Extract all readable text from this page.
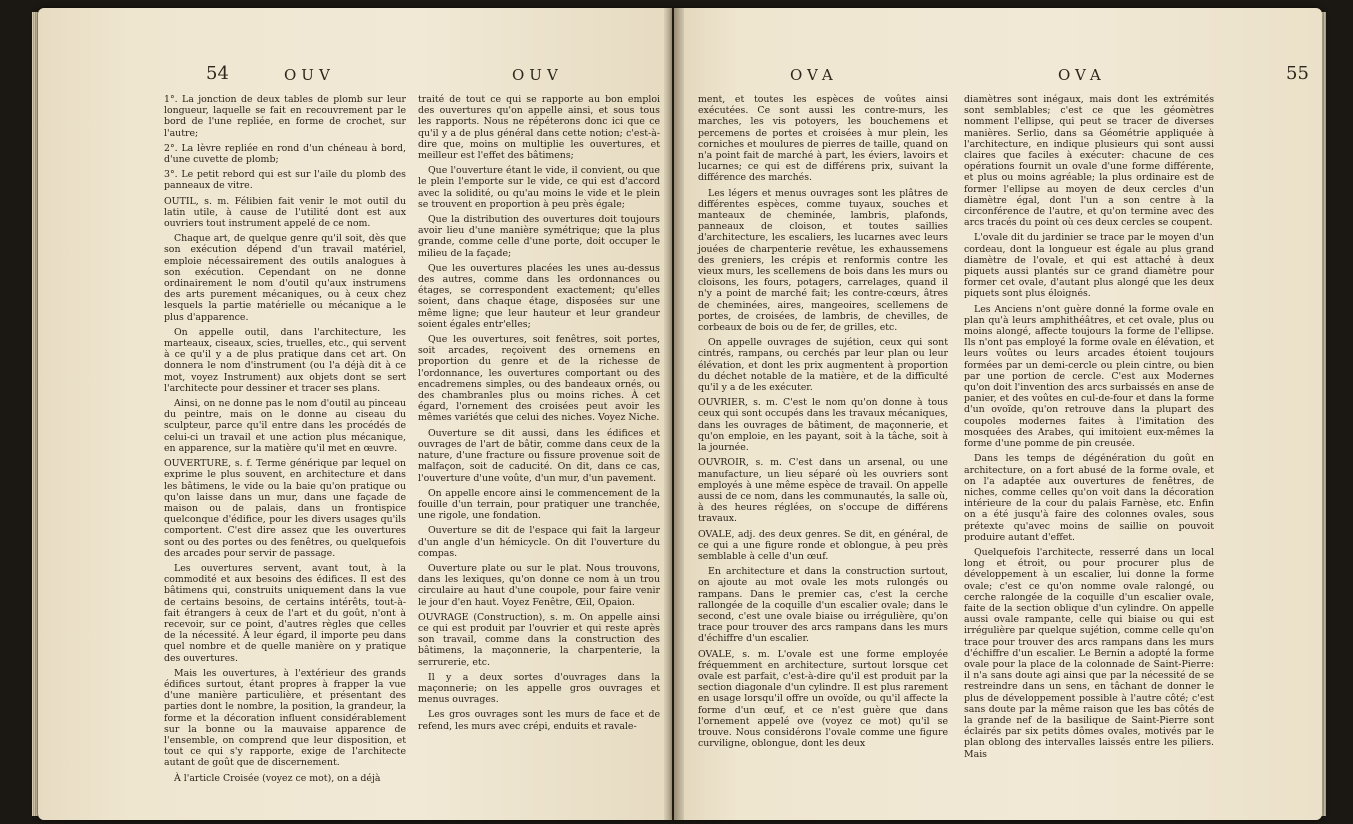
54	OUV	OUV

1°. La jonction de deux tables de plomb sur leur longueur, laquelle se fait en recouvrement par le bord de l'une repliée, en forme de crochet, sur l'autre;

2°. La lèvre repliée en rond d'un chéneau à bord, d'une cuvette de plomb;

3°. Le petit rebord qui est sur l'aile du plomb des panneaux de vitre.

OUTIL, s. m. Félibien fait venir le mot outil du latin utile, à cause de l'utilité dont est aux ouvriers tout instrument appelé de ce nom.

Chaque art, de quelque genre qu'il soit, dès que son exécution dépend d'un travail matériel, emploie nécessairement des outils analogues à son exécution. Cependant on ne donne ordinairement le nom d'outil qu'aux instrumens des arts purement mécaniques, ou à ceux chez lesquels la partie matérielle ou mécanique a le plus d'apparence.

On appelle outil, dans l'architecture, les marteaux, ciseaux, scies, truelles, etc., qui servent à ce qu'il y a de plus pratique dans cet art. On donnera le nom d'instrument (ou l'a déjà dit à ce mot, voyez Instrument) aux objets dont se sert l'architecte pour dessiner et tracer ses plans.

Ainsi, on ne donne pas le nom d'outil au pinceau du peintre, mais on le donne au ciseau du sculpteur, parce qu'il entre dans les procédés de celui-ci un travail et une action plus mécanique, en apparence, sur la matière qu'il met en œuvre.

OUVERTURE, s. f. Terme générique par lequel on exprime le plus souvent, en architecture et dans les bâtimens, le vide ou la baie qu'on pratique ou qu'on laisse dans un mur, dans une façade de maison ou de palais, dans un frontispice quelconque d'édifice, pour les divers usages qu'ils comportent. C'est dire assez que les ouvertures sont ou des portes ou des fenêtres, ou quelquefois des arcades pour servir de passage.

Les ouvertures servent, avant tout, à la commodité et aux besoins des édifices. Il est des bâtimens qui, construits uniquement dans la vue de certains besoins, de certains intérêts, tout-à-fait étrangers à ceux de l'art et du goût, n'ont à recevoir, sur ce point, d'autres règles que celles de la nécessité. À leur égard, il importe peu dans quel nombre et de quelle manière on y pratique des ouvertures.

Mais les ouvertures, à l'extérieur des grands édifices surtout, étant propres à frapper la vue d'une manière particulière, et présentant des parties dont le nombre, la position, la grandeur, la forme et la décoration influent considérablement sur la bonne ou la mauvaise apparence de l'ensemble, on comprend que leur disposition, et tout ce qui s'y rapporte, exige de l'architecte autant de goût que de discernement.

À l'article Croisée (voyez ce mot), on a déjà

traité de tout ce qui se rapporte au bon emploi des ouvertures qu'on appelle ainsi, et sous tous les rapports. Nous ne répéterons donc ici que ce qu'il y a de plus général dans cette notion; c'est-à-dire que, moins on multiplie les ouvertures, et meilleur est l'effet des bâtimens;

Que l'ouverture étant le vide, il convient, ou que le plein l'emporte sur le vide, ce qui est d'accord avec la solidité, ou qu'au moins le vide et le plein se trouvent en proportion à peu près égale;

Que la distribution des ouvertures doit toujours avoir lieu d'une manière symétrique; que la plus grande, comme celle d'une porte, doit occuper le milieu de la façade;

Que les ouvertures placées les unes au-dessus des autres, comme dans les ordonnances ou étages, se correspondent exactement; qu'elles soient, dans chaque étage, disposées sur une même ligne; que leur hauteur et leur grandeur soient égales entr'elles;

Que les ouvertures, soit fenêtres, soit portes, soit arcades, reçoivent des ornemens en proportion du genre et de la richesse de l'ordonnance, les ouvertures comportant ou des encadremens simples, ou des bandeaux ornés, ou des chambranles plus ou moins riches. À cet égard, l'ornement des croisées peut avoir les mêmes variétés que celui des niches. Voyez Niche.

Ouverture se dit aussi, dans les édifices et ouvrages de l'art de bâtir, comme dans ceux de la nature, d'une fracture ou fissure provenue soit de malfaçon, soit de caducité. On dit, dans ce cas, l'ouverture d'une voûte, d'un mur, d'un pavement.

On appelle encore ainsi le commencement de la fouille d'un terrain, pour pratiquer une tranchée, une rigole, une fondation.

Ouverture se dit de l'espace qui fait la largeur d'un angle d'un hémicycle. On dit l'ouverture du compas.

Ouverture plate ou sur le plat. Nous trouvons, dans les lexiques, qu'on donne ce nom à un trou circulaire au haut d'une coupole, pour faire venir le jour d'en haut. Voyez Fenêtre, Œil, Opaion.

OUVRAGE (Construction), s. m. On appelle ainsi ce qui est produit par l'ouvrier et qui reste après son travail, comme dans la construction des bâtimens, la maçonnerie, la charpenterie, la serrurerie, etc.

Il y a deux sortes d'ouvrages dans la maçonnerie; on les appelle gros ouvrages et menus ouvrages.

Les gros ouvrages sont les murs de face et de refend, les murs avec crépi, enduits et ravale-

OVA	OVA	55

ment, et toutes les espèces de voûtes ainsi exécutées. Ce sont aussi les contre-murs, les marches, les vis potoyers, les bouchemens et percemens de portes et croisées à mur plein, les corniches et moulures de pierres de taille, quand on n'a point fait de marché à part, les éviers, lavoirs et lucarnes; ce qui est de différens prix, suivant la différence des marchés.

Les légers et menus ouvrages sont les plâtres de différentes espèces, comme tuyaux, souches et manteaux de cheminée, lambris, plafonds, panneaux de cloison, et toutes saillies d'architecture, les escaliers, les lucarnes avec leurs jouées de charpenterie revêtue, les exhaussemens des greniers, les crépis et renformis contre les vieux murs, les scellemens de bois dans les murs ou cloisons, les fours, potagers, carrelages, quand il n'y a point de marché fait; les contre-cœurs, âtres de cheminées, aires, mangeoires, scellemens de portes, de croisées, de lambris, de chevilles, de corbeaux de bois ou de fer, de grilles, etc.

On appelle ouvrages de sujétion, ceux qui sont cintrés, rampans, ou cerchés par leur plan ou leur élévation, et dont les prix augmentent à proportion du déchet notable de la matière, et de la difficulté qu'il y a de les exécuter.

OUVRIER, s. m. C'est le nom qu'on donne à tous ceux qui sont occupés dans les travaux mécaniques, dans les ouvrages de bâtiment, de maçonnerie, et qu'on emploie, en les payant, soit à la tâche, soit à la journée.

OUVROIR, s. m. C'est dans un arsenal, ou une manufacture, un lieu séparé où les ouvriers sont employés à une même espèce de travail. On appelle aussi de ce nom, dans les communautés, la salle où, à des heures réglées, on s'occupe de différens travaux.

OVALE, adj. des deux genres. Se dit, en général, de ce qui a une figure ronde et oblongue, à peu près semblable à celle d'un œuf.

En architecture et dans la construction surtout, on ajoute au mot ovale les mots rulongés ou rampans. Dans le premier cas, c'est la cerche rallongée de la coquille d'un escalier ovale; dans le second, c'est une ovale biaise ou irrégulière, qu'on trace pour trouver des arcs rampans dans les murs d'échiffre d'un escalier.

OVALE, s. m. L'ovale est une forme employée fréquemment en architecture, surtout lorsque cet ovale est parfait, c'est-à-dire qu'il est produit par la section diagonale d'un cylindre. Il est plus rarement en usage lorsqu'il offre un ovoïde, ou qu'il affecte la forme d'un œuf, et ce n'est guère que dans l'ornement appelé ove (voyez ce mot) qu'il se trouve. Nous considérons l'ovale comme une figure curviligne, oblongue, dont les deux

diamètres sont inégaux, mais dont les extrémités sont semblables; c'est ce que les géomètres nomment l'ellipse, qui peut se tracer de diverses manières. Serlio, dans sa Géométrie appliquée à l'architecture, en indique plusieurs qui sont aussi claires que faciles à exécuter: chacune de ces opérations fournit un ovale d'une forme différente, et plus ou moins agréable; la plus ordinaire est de former l'ellipse au moyen de deux cercles d'un diamètre égal, dont l'un a son centre à la circonférence de l'autre, et qu'on termine avec des arcs tracés du point où ces deux cercles se coupent.

L'ovale dit du jardinier se trace par le moyen d'un cordeau, dont la longueur est égale au plus grand diamètre de l'ovale, et qui est attaché à deux piquets aussi plantés sur ce grand diamètre pour former cet ovale, d'autant plus alongé que les deux piquets sont plus éloignés.

Les Anciens n'ont guère donné la forme ovale en plan qu'à leurs amphithéâtres, et cet ovale, plus ou moins alongé, affecte toujours la forme de l'ellipse. Ils n'ont pas employé la forme ovale en élévation, et leurs voûtes ou leurs arcades étoient toujours formées par un demi-cercle ou plein cintre, ou bien par une portion de cercle. C'est aux Modernes qu'on doit l'invention des arcs surbaissés en anse de panier, et des voûtes en cul-de-four et dans la forme d'un ovoïde, qu'on retrouve dans la plupart des coupoles modernes faites à l'imitation des mosquées des Arabes, qui imitoient eux-mêmes la forme d'une pomme de pin creusée.

Dans les temps de dégénération du goût en architecture, on a fort abusé de la forme ovale, et on l'a adaptée aux ouvertures de fenêtres, de niches, comme celles qu'on voit dans la décoration intérieure de la cour du palais Farnèse, etc. Enfin on a été jusqu'à faire des colonnes ovales, sous prétexte qu'avec moins de saillie on pouvoit produire autant d'effet.

Quelquefois l'architecte, resserré dans un local long et étroit, ou pour procurer plus de développement à un escalier, lui donne la forme ovale; c'est ce qu'on nomme ovale ralongé, ou cerche ralongée de la coquille d'un escalier ovale, faite de la section oblique d'un cylindre. On appelle aussi ovale rampante, celle qui biaise ou qui est irrégulière par quelque sujétion, comme celle qu'on trace pour trouver des arcs rampans dans les murs d'échiffre d'un escalier. Le Bernin a adopté la forme ovale pour la place de la colonnade de Saint-Pierre: il n'a sans doute agi ainsi que par la nécessité de se restreindre dans un sens, en tâchant de donner le plus de développement possible à l'autre côté; c'est sans doute par la même raison que les bas côtés de la grande nef de la basilique de Saint-Pierre sont éclairés par six petits dômes ovales, motivés par le plan oblong des intervalles laissés entre les piliers. Mais
